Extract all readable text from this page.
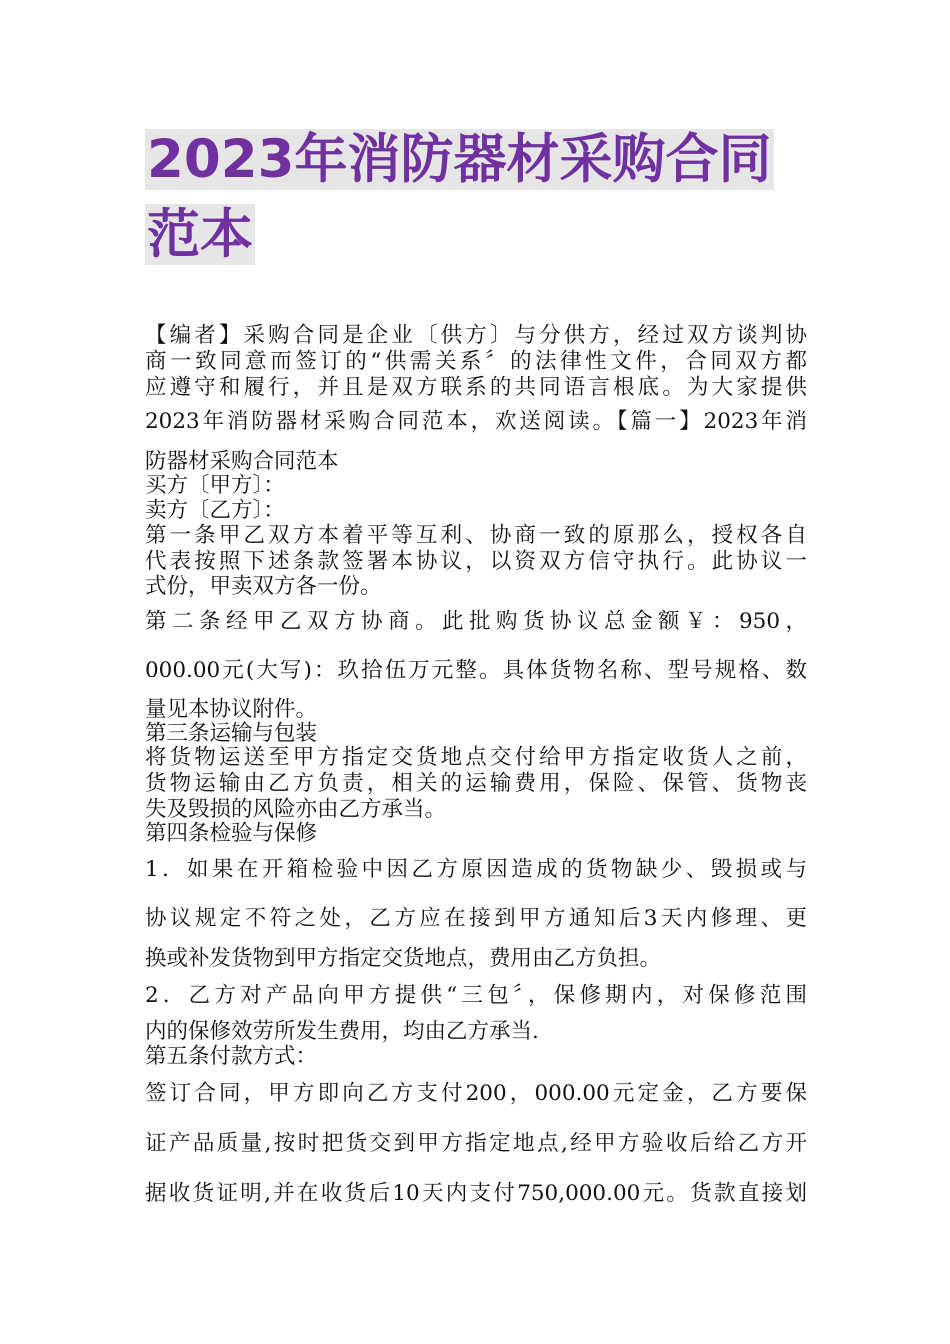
2023年消防器材采购合同
范本
【编者】采购合同是企业〔供方〕与分供方，经过双方谈判协
商一致同意而签订的“供需关系〞的法律性文件，合同双方都
应遵守和履行，并且是双方联系的共同语言根底。为大家提供
2023年消防器材采购合同范本，欢送阅读。【篇一】2023年消
防器材采购合同范本
买方〔甲方〕：
卖方〔乙方〕：
第一条甲乙双方本着平等互利、协商一致的原那么，授权各自
代表按照下述条款签署本协议，以资双方信守执行。此协议一
式份，甲卖双方各一份。
第二条经甲乙双方协商。此批购货协议总金额￥：950，
000.00元(大写)：玖拾伍万元整。具体货物名称、型号规格、数
量见本协议附件。
第三条运输与包装
将货物运送至甲方指定交货地点交付给甲方指定收货人之前，
货物运输由乙方负责，相关的运输费用，保险、保管、货物丧
失及毁损的风险亦由乙方承当。
第四条检验与保修
1．如果在开箱检验中因乙方原因造成的货物缺少、毁损或与
协议规定不符之处，乙方应在接到甲方通知后3天内修理、更
换或补发货物到甲方指定交货地点，费用由乙方负担。
2．乙方对产品向甲方提供“三包〞，保修期内，对保修范围
内的保修效劳所发生费用，均由乙方承当.
第五条付款方式：
签订合同，甲方即向乙方支付200，000.00元定金，乙方要保
证产品质量,按时把货交到甲方指定地点,经甲方验收后给乙方开
据收货证明,并在收货后10天内支付750,000.00元。货款直接划
